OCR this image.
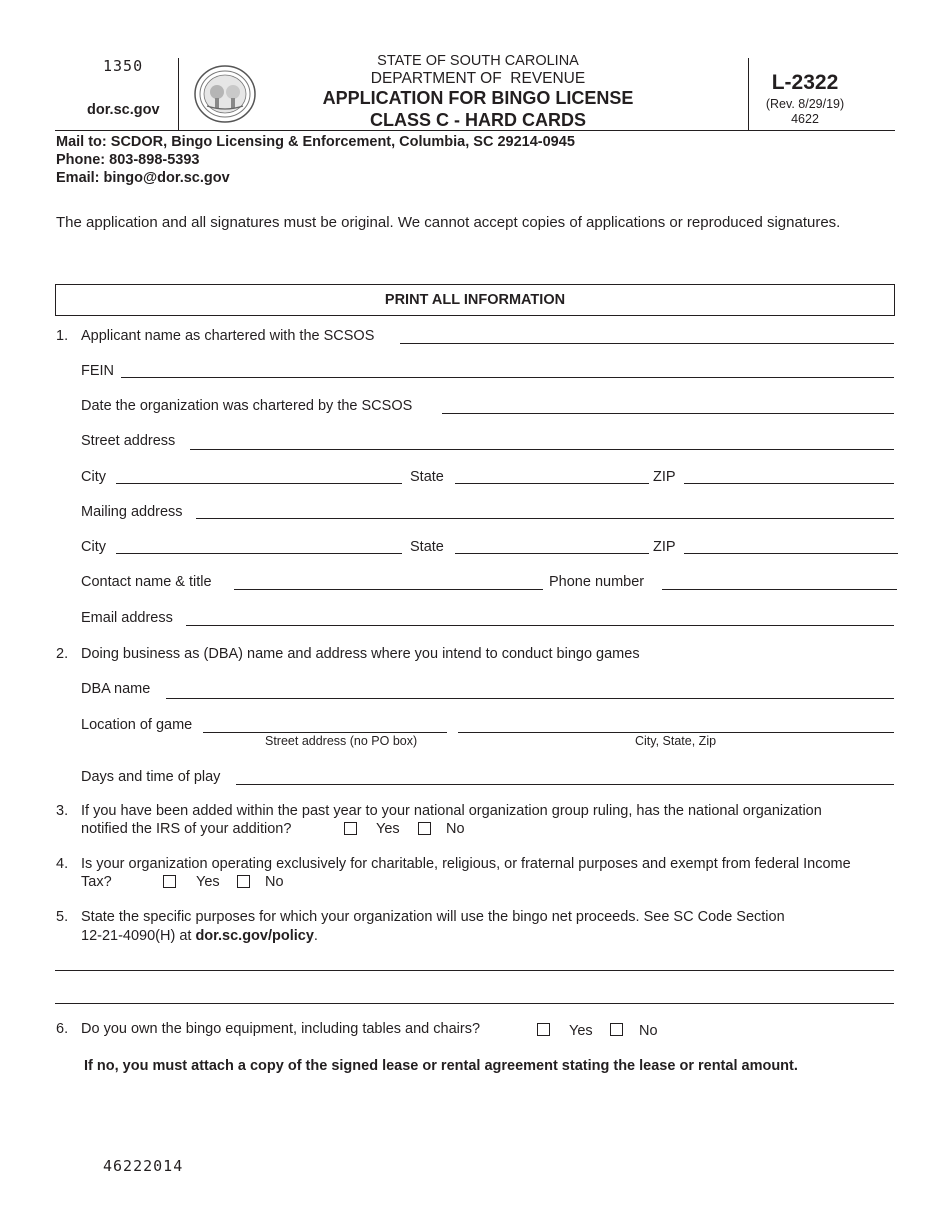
1350
dor.sc.gov
STATE OF SOUTH CAROLINA
DEPARTMENT OF  REVENUE
APPLICATION FOR BINGO LICENSE
CLASS C - HARD CARDS
L-2322
(Rev. 8/29/19)
4622
Mail to: SCDOR, Bingo Licensing & Enforcement, Columbia, SC 29214-0945
Phone: 803-898-5393
Email: bingo@dor.sc.gov
The application and all signatures must be original. We cannot accept copies of applications or reproduced signatures.
PRINT ALL INFORMATION
1. Applicant name as chartered with the SCSOS
FEIN
Date the organization was chartered by the SCSOS
Street address
City	State	ZIP
Mailing address
City	State	ZIP
Contact name & title	Phone number
Email address
2. Doing business as (DBA) name and address where you intend to conduct bingo games
DBA name
Location of game
Street address (no PO box)	City, State, Zip
Days and time of play
3. If you have been added within the past year to your national organization group ruling, has the national organization
notified the IRS of your addition?	Yes	No
4. Is your organization operating exclusively for charitable, religious, or fraternal purposes and exempt from federal Income
Tax?	Yes	No
5. State the specific purposes for which your organization will use the bingo net proceeds. See SC Code Section
12-21-4090(H) at dor.sc.gov/policy.
6. Do you own the bingo equipment, including tables and chairs?	Yes	No
If no, you must attach a copy of the signed lease or rental agreement stating the lease or rental amount.
46222014
